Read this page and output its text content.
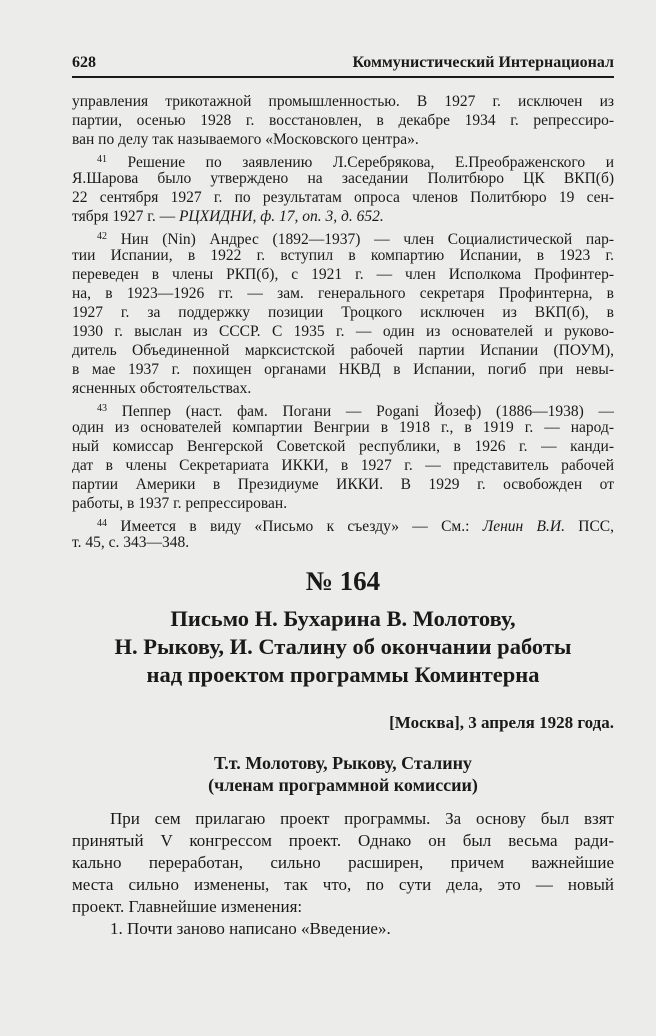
628	Коммунистический Интернационал
управления трикотажной промышленностью. В 1927 г. исключен из
партии, осенью 1928 г. восстановлен, в декабре 1934 г. репрессиро-
ван по делу так называемого «Московского центра».
$^{41}$ Решение по заявлению Л.Серебрякова, Е.Преображенского и
Я.Шарова было утверждено на заседании Политбюро ЦК ВКП(б)
22 сентября 1927 г. по результатам опроса членов Политбюро 19 сен-
тября 1927 г. — РЦХИДНИ, ф. 17, оп. 3, д. 652.
$^{42}$ Нин (Nin) Андрес (1892—1937) — член Социалистической пар-
тии Испании, в 1922 г. вступил в компартию Испании, в 1923 г.
переведен в члены РКП(б), с 1921 г. — член Исполкома Профинтер-
на, в 1923—1926 гг. — зам. генерального секретаря Профинтерна, в
1927 г. за поддержку позиции Троцкого исключен из ВКП(б), в
1930 г. выслан из СССР. С 1935 г. — один из основателей и руково-
дитель Объединенной марксистской рабочей партии Испании (ПОУМ),
в мае 1937 г. похищен органами НКВД в Испании, погиб при невы-
ясненных обстоятельствах.
$^{43}$ Пеппер (наст. фам. Погани — Pogani Йозеф) (1886—1938) —
один из основателей компартии Венгрии в 1918 г., в 1919 г. — народ-
ный комиссар Венгерской Советской республики, в 1926 г. — канди-
дат в члены Секретариата ИККИ, в 1927 г. — представитель рабочей
партии Америки в Президиуме ИККИ. В 1929 г. освобожден от
работы, в 1937 г. репрессирован.
$^{44}$ Имеется в виду «Письмо к съезду» — См.: Ленин В.И. ПСС,
т. 45, с. 343—348.
№ 164
Письмо Н. Бухарина В. Молотову,
Н. Рыкову, И. Сталину об окончании работы
над проектом программы Коминтерна
[Москва], 3 апреля 1928 года.
Т.т. Молотову, Рыкову, Сталину
(членам программной комиссии)
При сем прилагаю проект программы. За основу был взят
принятый V конгрессом проект. Однако он был весьма ради-
кально переработан, сильно расширен, причем важнейшие
места сильно изменены, так что, по сути дела, это — новый
проект. Главнейшие изменения:
1. Почти заново написано «Введение».
